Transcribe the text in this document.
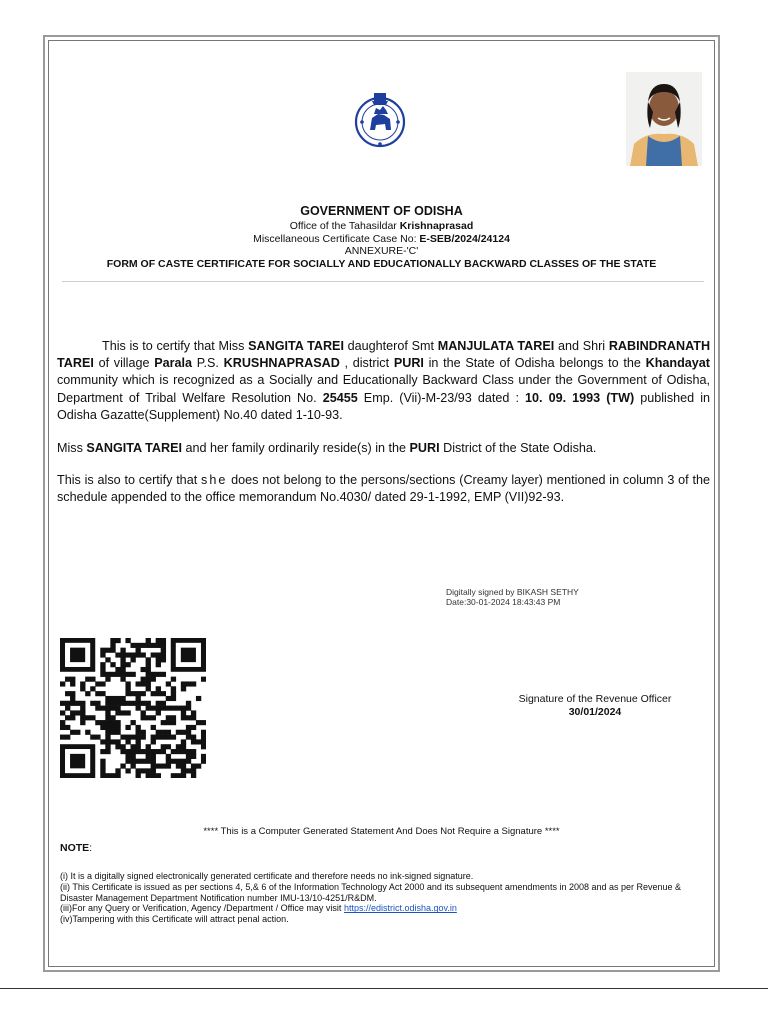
GOVERNMENT OF ODISHA
Office of the Tahasildar Krishnaprasad
Miscellaneous Certificate Case No: E-SEB/2024/24124
ANNEXURE-'C'
FORM OF CASTE CERTIFICATE FOR SOCIALLY AND EDUCATIONALLY BACKWARD CLASSES OF THE STATE

This is to certify that Miss SANGITA TAREI daughterof Smt MANJULATA TAREI and Shri RABINDRANATH TAREI of village Parala P.S. KRUSHNAPRASAD , district PURI in the State of Odisha belongs to the Khandayat community which is recognized as a Socially and Educationally Backward Class under the Government of Odisha, Department of Tribal Welfare Resolution No. 25455 Emp. (Vii)-M-23/93 dated : 10. 09. 1993 (TW) published in Odisha Gazatte(Supplement) No.40 dated 1-10-93.

Miss SANGITA TAREI and her family ordinarily reside(s) in the PURI District of the State Odisha.

This is also to certify that she does not belong to the persons/sections (Creamy layer) mentioned in column 3 of the schedule appended to the office memorandum No.4030/ dated 29-1-1992, EMP (VII)92-93.

Digitally signed by BIKASH SETHY
Date:30-01-2024 18:43:43 PM
Signature of the Revenue Officer
30/01/2024
**** This is a Computer Generated Statement And Does Not Require a Signature ****
NOTE:
(i) It is a digitally signed electronically generated certificate and therefore needs no ink-signed signature.
(ii) This Certificate is issued as per sections 4, 5,& 6 of the Information Technology Act 2000 and its subsequent amendments in 2008 and as per Revenue & Disaster Management Department Notification number IMU-13/10-4251/R&DM.
(iii)For any Query or Verification, Agency /Department / Office may visit https://edistrict.odisha.gov.in
(iv)Tampering with this Certificate will attract penal action.
